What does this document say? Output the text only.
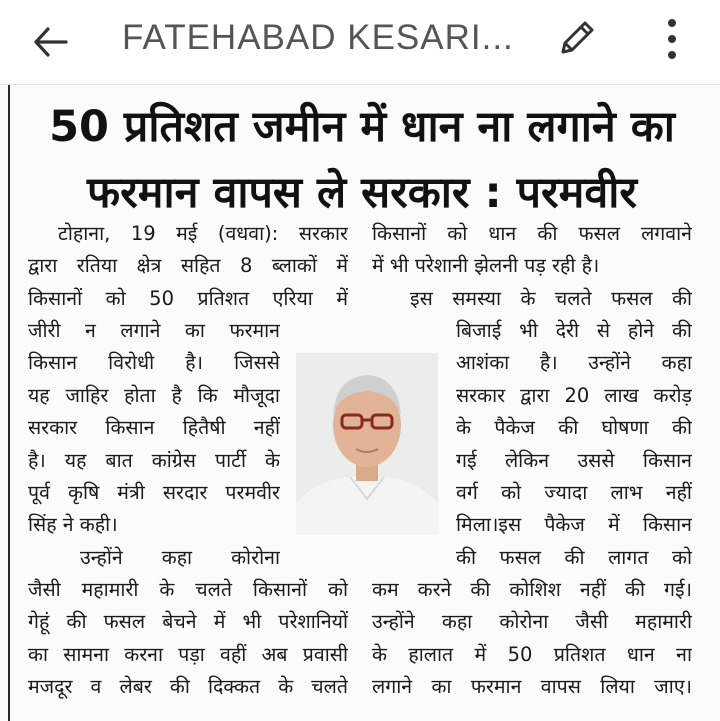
FATEHABAD KESARI...
50 प्रतिशत जमीन में धान ना लगाने का
फरमान वापस ले सरकार : परमवीर
टोहाना, 19 मई (वधवा): सरकार
द्वारा रतिया क्षेत्र सहित 8 ब्लाकों में
किसानों को 50 प्रतिशत एरिया में
जीरी न लगाने का फरमान
किसान विरोधी है। जिससे
यह जाहिर होता है कि मौजूदा
सरकार किसान हितैषी नहीं
है। यह बात कांग्रेस पार्टी के
पूर्व कृषि मंत्री सरदार परमवीर
सिंह ने कही।
उन्होंने कहा कोरोना
जैसी महामारी के चलते किसानों को
गेहूं की फसल बेचने में भी परेशानियों
का सामना करना पड़ा वहीं अब प्रवासी
मजदूर व लेबर की दिक्कत के चलते
किसानों को धान की फसल लगवाने
में भी परेशानी झेलनी पड़ रही है।
इस समस्या के चलते फसल की
बिजाई भी देरी से होने की
आशंका है। उन्होंने कहा
सरकार द्वारा 20 लाख करोड़
के पैकेज की घोषणा की
गई लेकिन उससे किसान
वर्ग को ज्यादा लाभ नहीं
मिला।इस पैकेज में किसान
की फसल की लागत को
कम करने की कोशिश नहीं की गई।
उन्होंने कहा कोरोना जैसी महामारी
के हालात में 50 प्रतिशत धान ना
लगाने का फरमान वापस लिया जाए।
